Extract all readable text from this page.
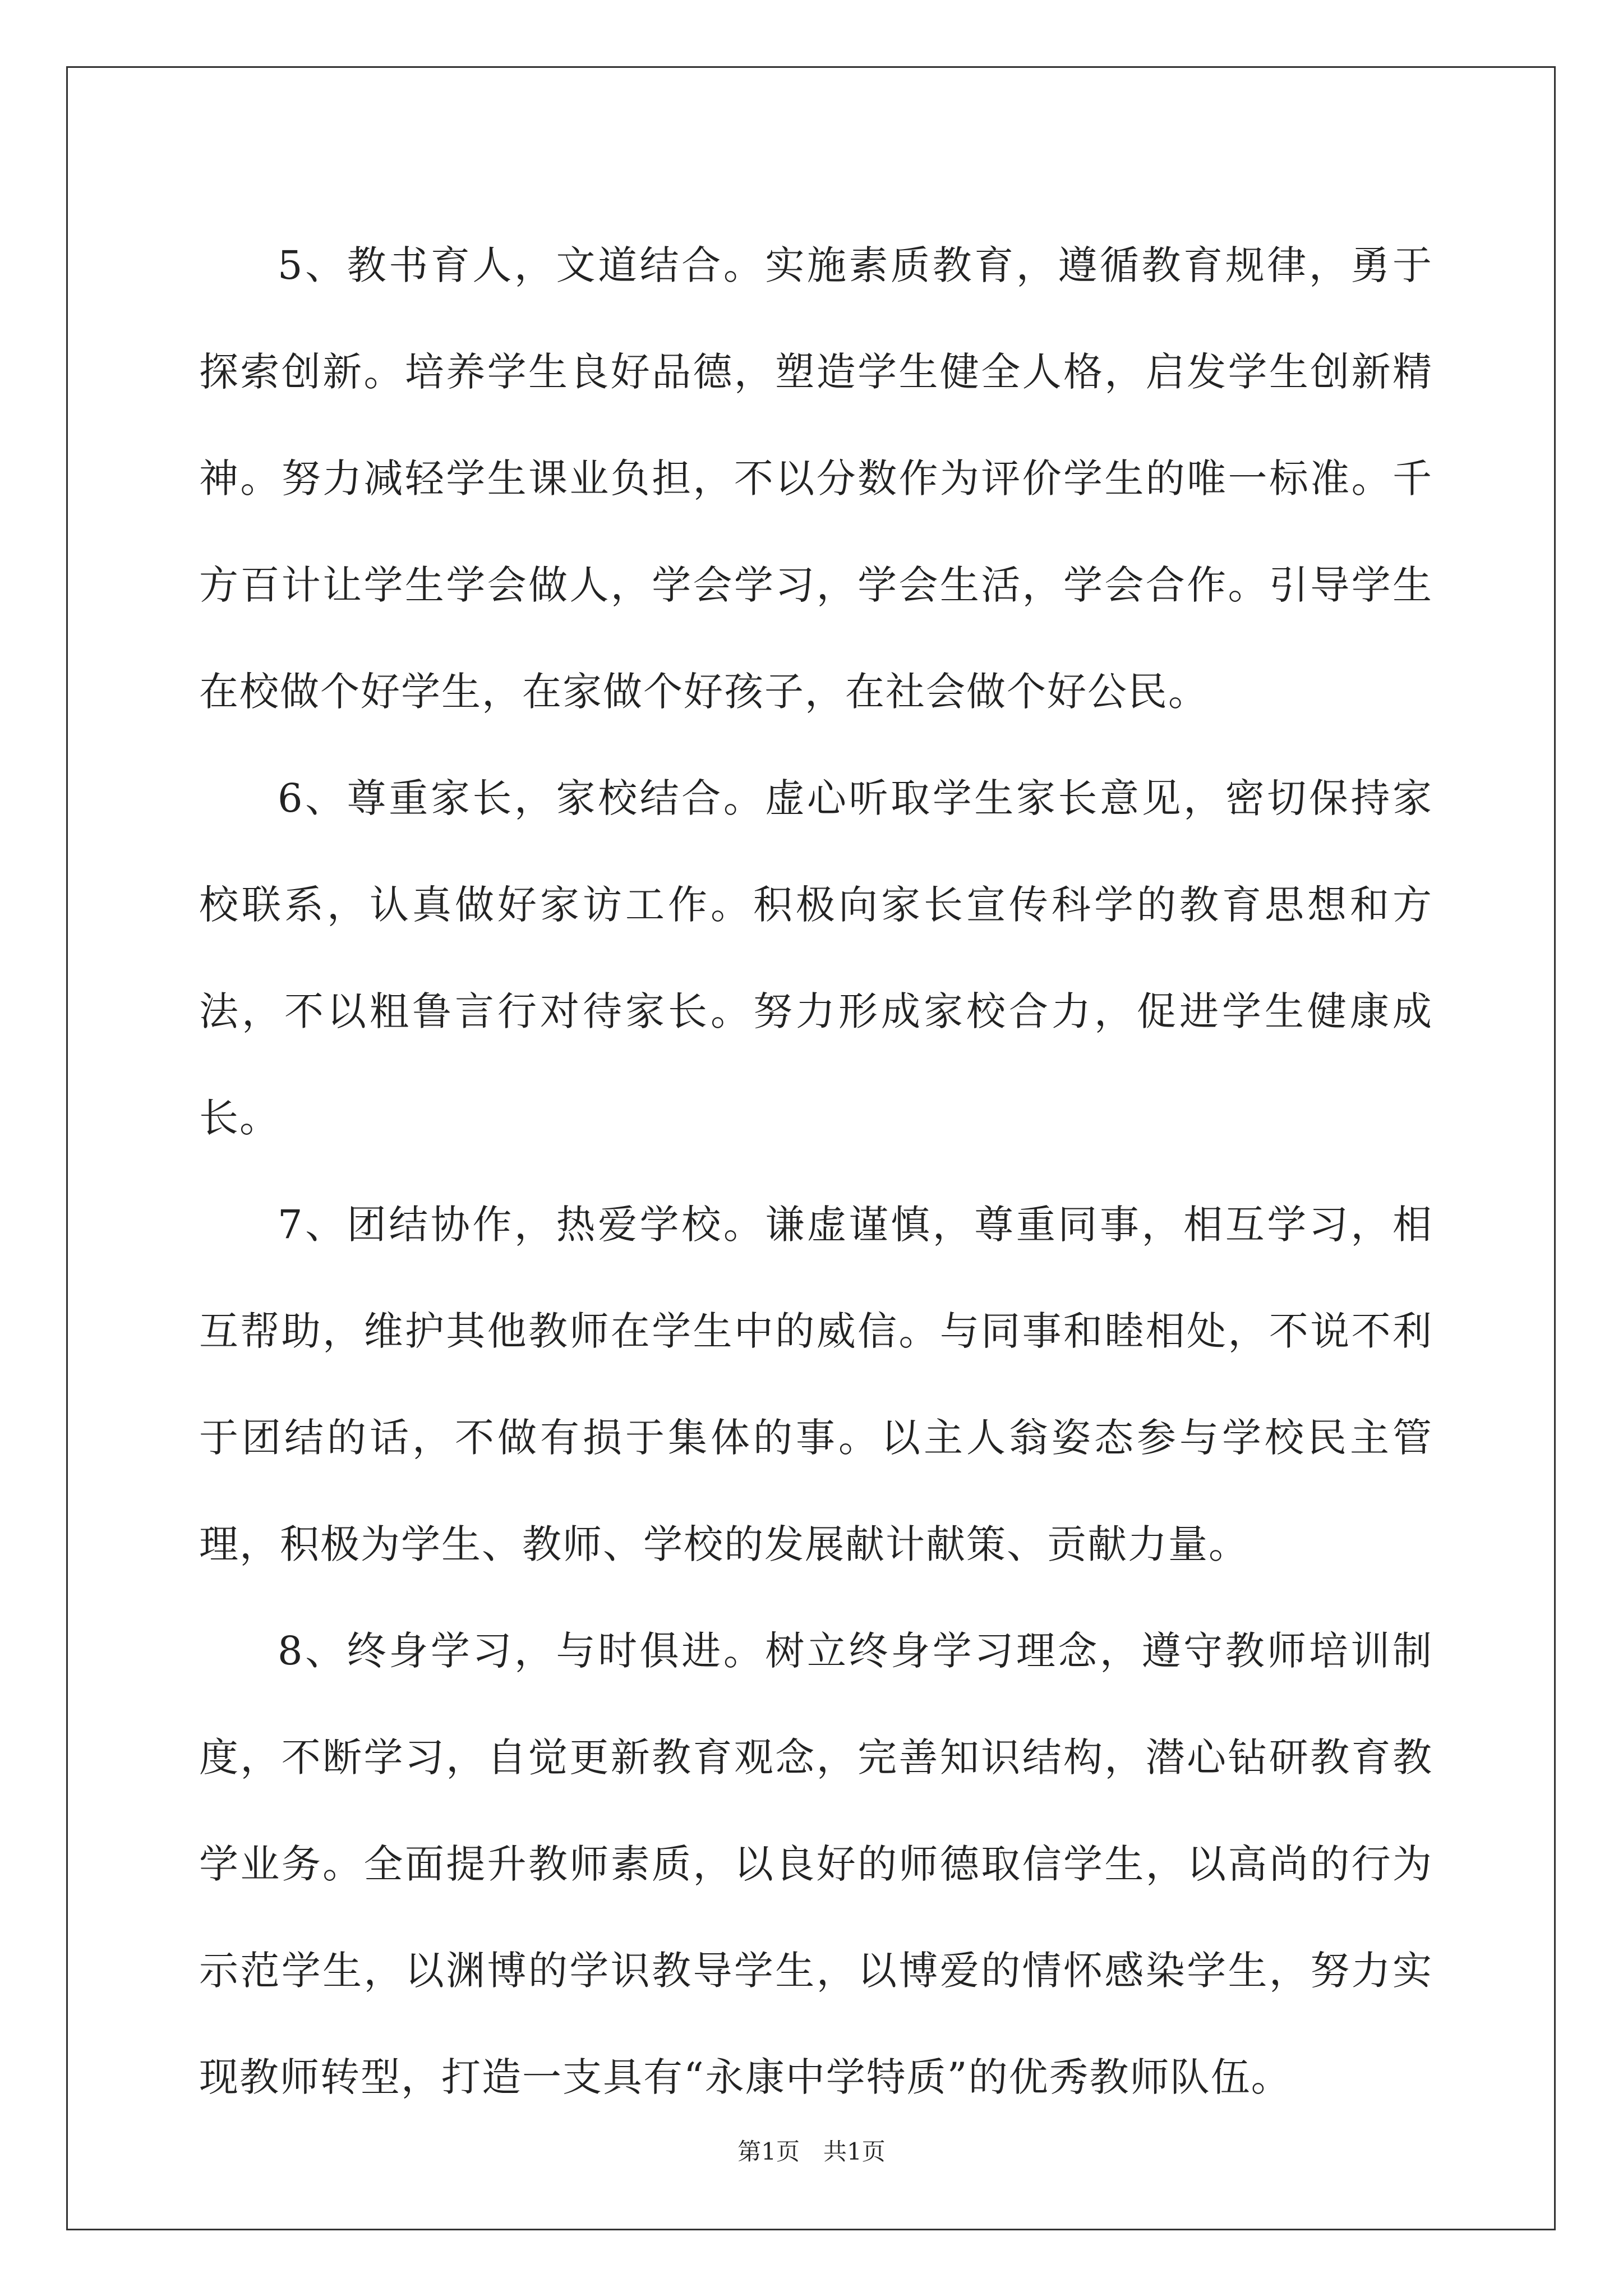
5、教书育人，文道结合。实施素质教育，遵循教育规律，勇于探索创新。培养学生良好品德，塑造学生健全人格，启发学生创新精神。努力减轻学生课业负担，不以分数作为评价学生的唯一标准。千方百计让学生学会做人，学会学习，学会生活，学会合作。引导学生在校做个好学生，在家做个好孩子，在社会做个好公民。

6、尊重家长，家校结合。虚心听取学生家长意见，密切保持家校联系，认真做好家访工作。积极向家长宣传科学的教育思想和方法，不以粗鲁言行对待家长。努力形成家校合力，促进学生健康成长。

7、团结协作，热爱学校。谦虚谨慎，尊重同事，相互学习，相互帮助，维护其他教师在学生中的威信。与同事和睦相处，不说不利于团结的话，不做有损于集体的事。以主人翁姿态参与学校民主管理，积极为学生、教师、学校的发展献计献策、贡献力量。

8、终身学习，与时俱进。树立终身学习理念，遵守教师培训制度，不断学习，自觉更新教育观念，完善知识结构，潜心钻研教育教学业务。全面提升教师素质，以良好的师德取信学生，以高尚的行为示范学生，以渊博的学识教导学生，以博爱的情怀感染学生，努力实现教师转型，打造一支具有“永康中学特质”的优秀教师队伍。

第1页 共1页
